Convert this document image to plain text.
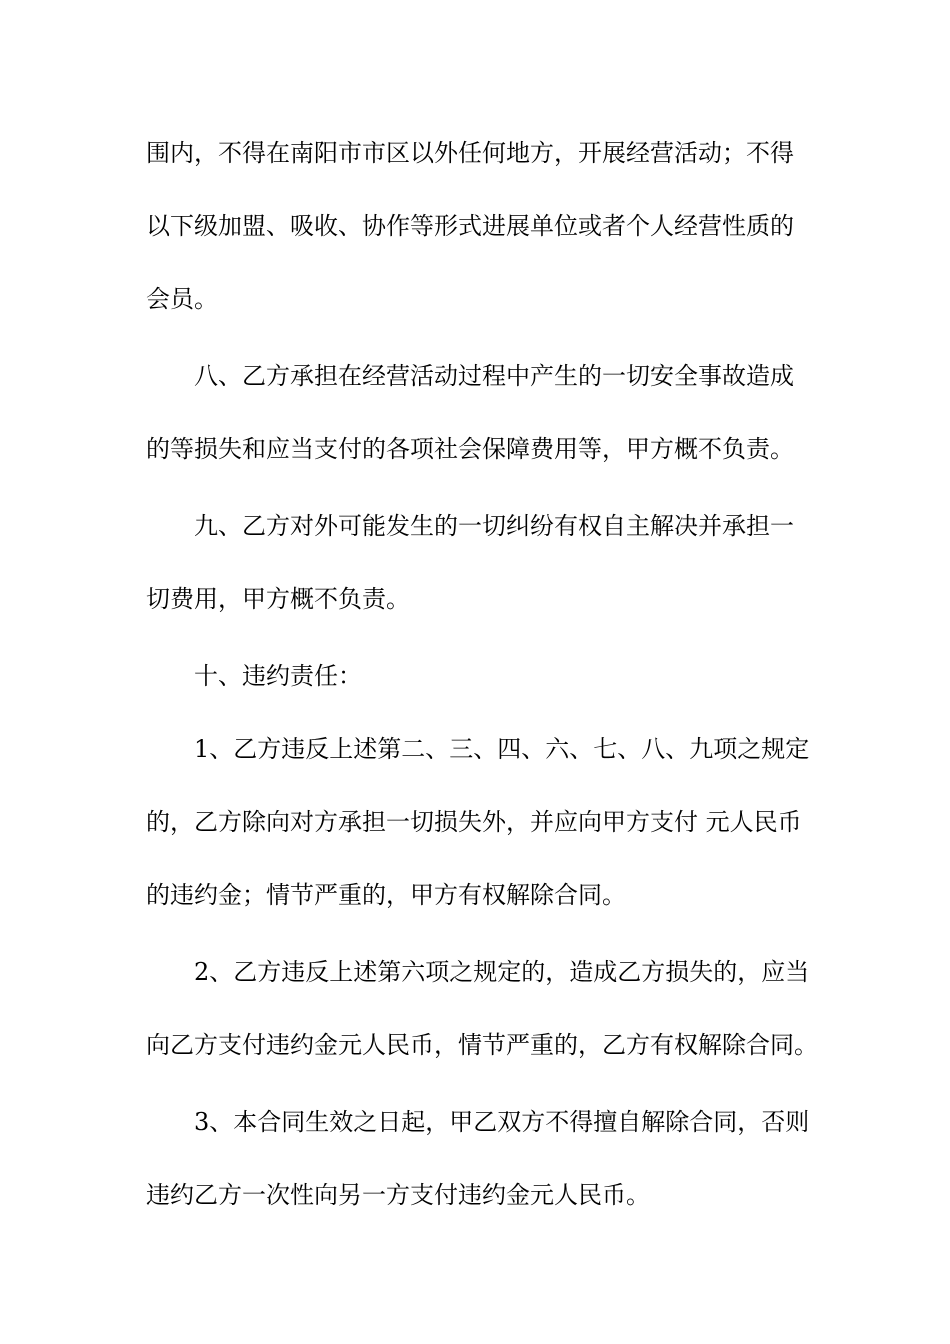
围内，不得在南阳市市区以外任何地方，开展经营活动；不得
以下级加盟、吸收、协作等形式进展单位或者个人经营性质的
会员。
八、乙方承担在经营活动过程中产生的一切安全事故造成
的等损失和应当支付的各项社会保障费用等，甲方概不负责。
九、乙方对外可能发生的一切纠纷有权自主解决并承担一
切费用，甲方概不负责。
十、违约责任：
1、乙方违反上述第二、三、四、六、七、八、九项之规定
的，乙方除向对方承担一切损失外，并应向甲方支付 元人民币
的违约金；情节严重的，甲方有权解除合同。
2、乙方违反上述第六项之规定的，造成乙方损失的，应当
向乙方支付违约金元人民币，情节严重的，乙方有权解除合同。
3、本合同生效之日起，甲乙双方不得擅自解除合同，否则
违约乙方一次性向另一方支付违约金元人民币。
